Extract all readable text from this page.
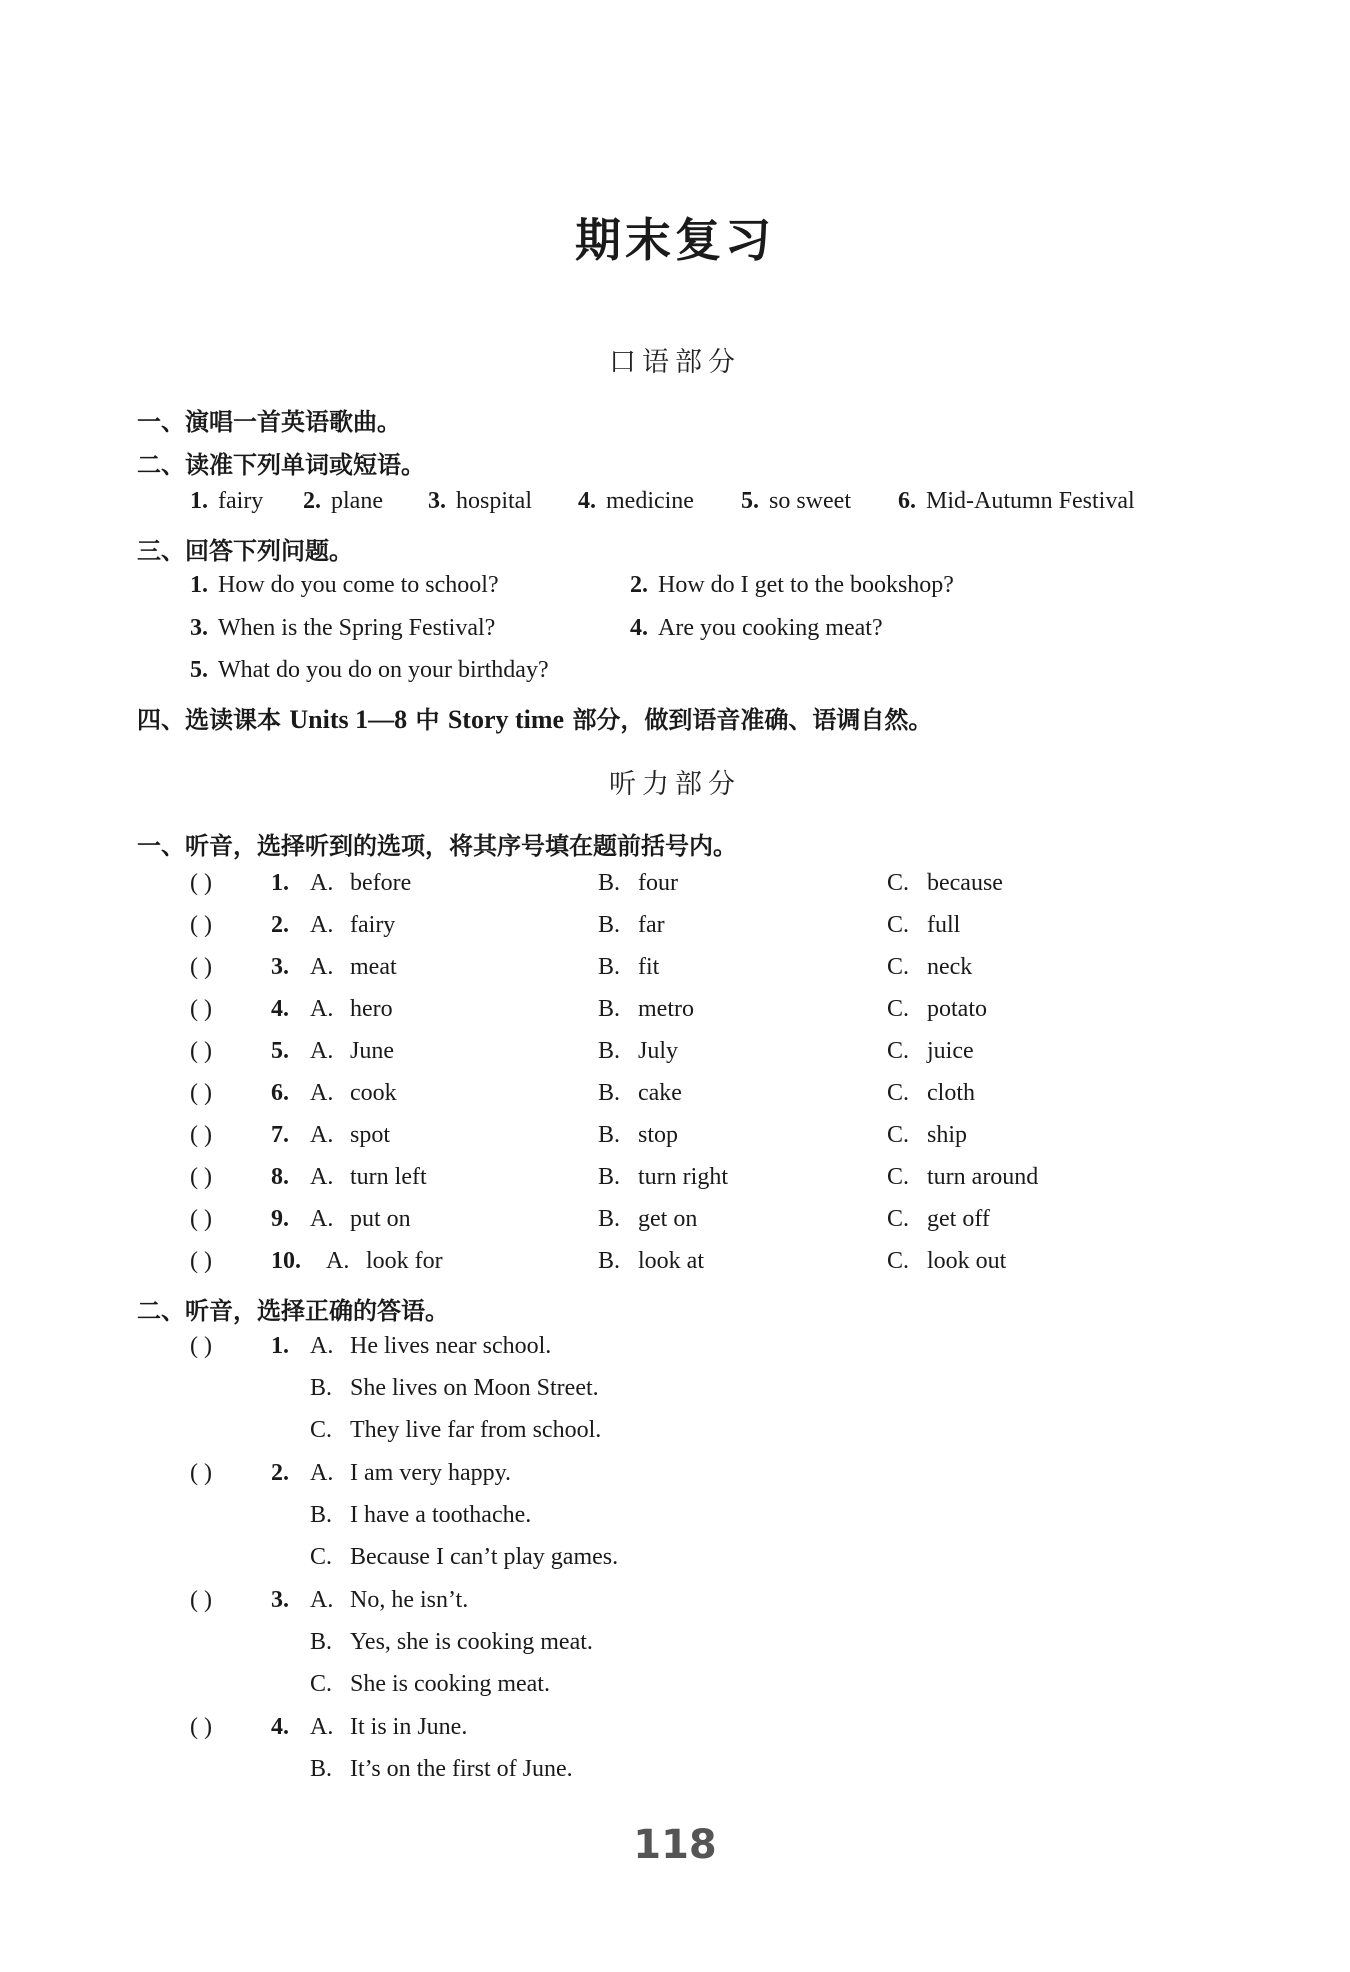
期末复习
口语部分
一、演唱一首英语歌曲。
二、读准下列单词或短语。
1. fairy 2. plane 3. hospital 4. medicine 5. so sweet 6. Mid-Autumn Festival
三、回答下列问题。
1. How do you come to school?	2. How do I get to the bookshop?
3. When is the Spring Festival?	4. Are you cooking meat?
5. What do you do on your birthday?
四、选读课本 Units 1—8 中 Story time 部分，做到语音准确、语调自然。
听力部分
一、听音，选择听到的选项，将其序号填在题前括号内。
( ) 1. A. before	B. four	C. because
( ) 2. A. fairy	B. far	C. full
( ) 3. A. meat	B. fit	C. neck
( ) 4. A. hero	B. metro	C. potato
( ) 5. A. June	B. July	C. juice
( ) 6. A. cook	B. cake	C. cloth
( ) 7. A. spot	B. stop	C. ship
( ) 8. A. turn left	B. turn right	C. turn around
( ) 9. A. put on	B. get on	C. get off
( ) 10. A. look for	B. look at	C. look out
二、听音，选择正确的答语。
( ) 1. A. He lives near school.
B. She lives on Moon Street.
C. They live far from school.
( ) 2. A. I am very happy.
B. I have a toothache.
C. Because I can’t play games.
( ) 3. A. No, he isn’t.
B. Yes, she is cooking meat.
C. She is cooking meat.
( ) 4. A. It is in June.
B. It’s on the first of June.
118
